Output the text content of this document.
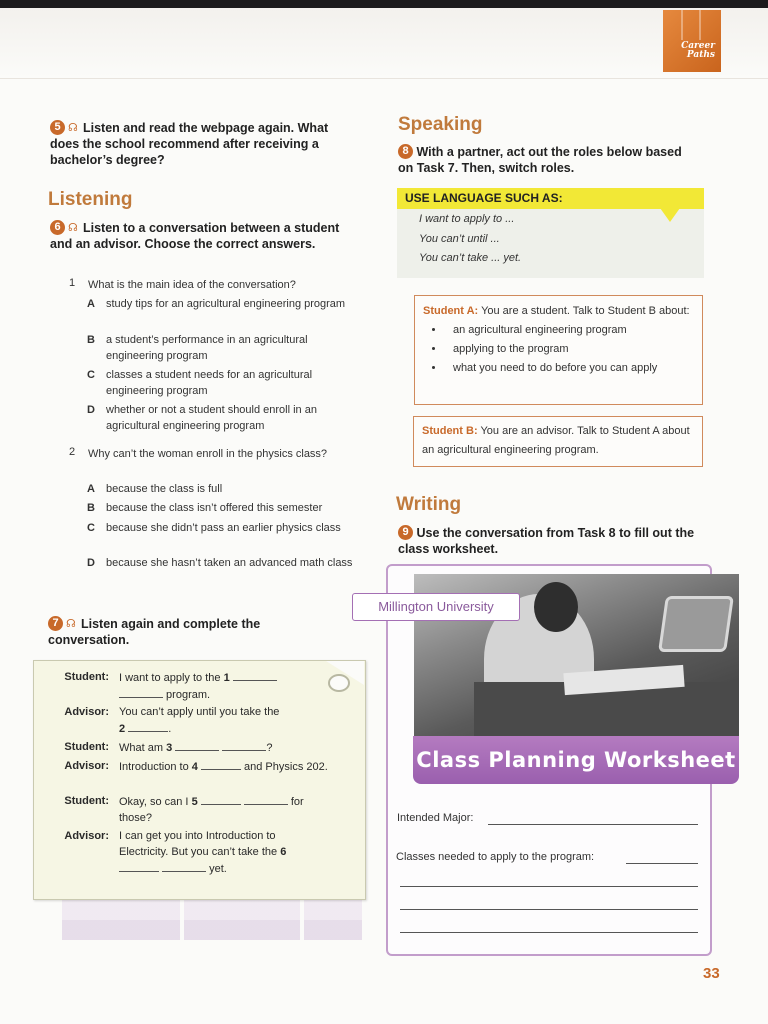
Career
Paths
5 ☊ Listen and read the webpage again. What does the school recommend after receiving a bachelor’s degree?
Listening
6 ☊ Listen to a conversation between a student and an advisor. Choose the correct answers.
1 What is the main idea of the conversation?
A study tips for an agricultural engineering program
B a student’s performance in an agricultural engineering program
C classes a student needs for an agricultural engineering program
D whether or not a student should enroll in an agricultural engineering program
2 Why can’t the woman enroll in the physics class?
A because the class is full
B because the class isn’t offered this semester
C because she didn’t pass an earlier physics class
D because she hasn’t taken an advanced math class
7 ☊ Listen again and complete the conversation.
Student: I want to apply to the 1
program.
Advisor: You can’t apply until you take the
2	.
Student: What am 3	?
Advisor: Introduction to 4	and Physics 202.
Student: Okay, so can I 5	for those?
Advisor: I can get you into Introduction to Electricity. But you can’t take the 6   yet.
Speaking
8 With a partner, act out the roles below based on Task 7. Then, switch roles.
USE LANGUAGE SUCH AS:
I want to apply to ...
You can’t until ...
You can’t take ... yet.
Student A: You are a student. Talk to Student B about:
• an agricultural engineering program
• applying to the program
• what you need to do before you can apply
Student B: You are an advisor. Talk to Student A about an agricultural engineering program.
Writing
9 Use the conversation from Task 8 to fill out the class worksheet.
Class Planning Worksheet
Millington University
Intended Major:
Classes needed to apply to the program:
33
